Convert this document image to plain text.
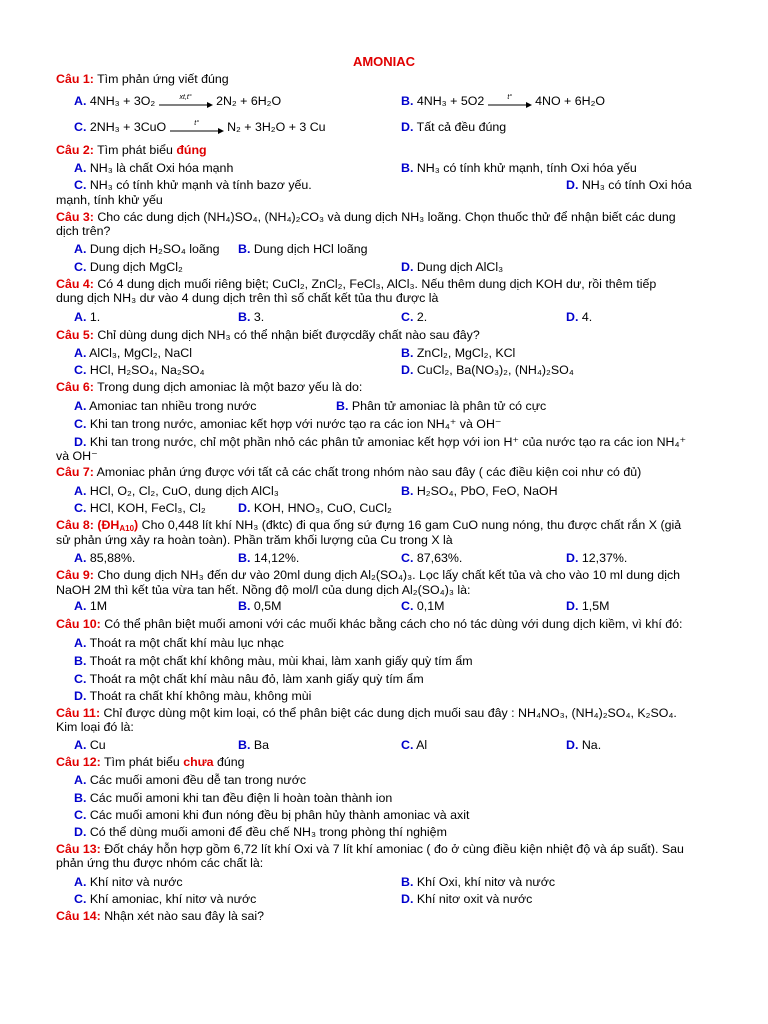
AMONIAC
Câu 1: Tìm phản ứng viết đúng
A. 4NH₃ + 3O₂	xt,t°	2N₂ + 6H₂O	B. 4NH₃ + 5O2	t°	4NO + 6H₂O
C. 2NH₃ + 3CuO	t°	N₂ + 3H₂O + 3 Cu	D. Tất cả đều đúng
Câu 2: Tìm phát biểu đúng
A. NH₃ là chất Oxi hóa mạnh	B. NH₃ có tính khử mạnh, tính Oxi hóa yếu
C. NH₃ có tính khử mạnh và tính bazơ yếu.	D. NH₃ có tính Oxi hóa
mạnh, tính khử yếu
Câu 3: Cho các dung dịch (NH₄)SO₄, (NH₄)₂CO₃ và dung dịch NH₃ loãng. Chọn thuốc thử để nhận biết các dung
dịch trên?
A. Dung dịch H₂SO₄ loãng B. Dung dịch HCl loãng
C. Dung dịch MgCl₂	D. Dung dịch AlCl₃
Câu 4: Có 4 dung dịch muối riêng biệt; CuCl₂, ZnCl₂, FeCl₃, AlCl₃. Nếu thêm dung dịch KOH dư, rồi thêm tiếp
dung dịch NH₃ dư vào 4 dung dịch trên thì số chất kết tủa thu được là
A. 1.	B. 3.	C. 2.	D. 4.
Câu 5: Chỉ dùng dung dịch NH₃ có thể nhận biết đượcdãy chất nào sau đây?
A. AlCl₃, MgCl₂, NaCl	B. ZnCl₂, MgCl₂, KCl
C. HCl, H₂SO₄, Na₂SO₄	D. CuCl₂, Ba(NO₃)₂, (NH₄)₂SO₄
Câu 6: Trong dung dịch amoniac là một bazơ yếu là do:
A. Amoniac tan nhiều trong nước	B. Phân tử amoniac là phân tử có cực
C. Khi tan trong nước, amoniac kết hợp với nước tạo ra các ion NH₄⁺ và OH⁻
D. Khi tan trong nước, chỉ một phần nhỏ các phân tử amoniac kết hợp với ion H⁺ của nước tạo ra các ion NH₄⁺
và OH⁻
Câu 7: Amoniac phản ứng được với tất cả các chất trong nhóm nào sau đây ( các điều kiện coi như có đủ)
A. HCl, O₂, Cl₂, CuO, dung dịch AlCl₃	B. H₂SO₄, PbO, FeO, NaOH
C. HCl, KOH, FeCl₃, Cl₂	D. KOH, HNO₃, CuO, CuCl₂
Câu 8: $(ĐH_{A10})$ Cho 0,448 lít khí NH₃ (đktc) đi qua ống sứ đựng 16 gam CuO nung nóng, thu được chất rắn X (giả
sử phản ứng xảy ra hoàn toàn). Phần trăm khối lượng của Cu trong X là
A. 85,88%.	B. 14,12%.	C. 87,63%.	D. 12,37%.
Câu 9: Cho dung dịch NH₃ đến dư vào 20ml dung dịch Al₂(SO₄)₃. Lọc lấy chất kết tủa và cho vào 10 ml dung dịch
NaOH 2M thì kết tủa vừa tan hết. Nồng độ mol/l của dung dịch Al₂(SO₄)₃ là:
A. 1M	B. 0,5M	C. 0,1M	D. 1,5M
Câu 10: Có thể phân biệt muối amoni với các muối khác bằng cách cho nó tác dùng với dung dịch kiềm, vì khí đó:
A. Thoát ra một chất khí màu lục nhạc
B. Thoát ra một chất khí không màu, mùi khai, làm xanh giấy quỳ tím ẩm
C. Thoát ra một chất khí màu nâu đỏ, làm xanh giấy quỳ tím ẩm
D. Thoát ra chất khí không màu, không mùi
Câu 11: Chỉ được dùng một kim loại, có thể phân biệt các dung dịch muối sau đây : NH₄NO₃, (NH₄)₂SO₄, K₂SO₄.
Kim loại đó là:
A. Cu	B. Ba	C. Al	D. Na.
Câu 12: Tìm phát biểu chưa đúng
A. Các muối amoni đều dễ tan trong nước
B. Các muối amoni khi tan đều điện li hoàn toàn thành ion
C. Các muối amoni khi đun nóng đều bị phân hủy thành amoniac và axit
D. Có thể dùng muối amoni để đều chế NH₃ trong phòng thí nghiệm
Câu 13: Đốt cháy hỗn hợp gồm 6,72 lít khí Oxi và 7 lít khí amoniac ( đo ở cùng điều kiện nhiệt độ và áp suất). Sau
phản ứng thu được nhóm các chất là:
A. Khí nitơ và nước	B. Khí Oxi, khí nitơ và nước
C. Khí amoniac, khí nitơ và nước	D. Khí nitơ oxit và nước
Câu 14: Nhận xét nào sau đây là sai?
